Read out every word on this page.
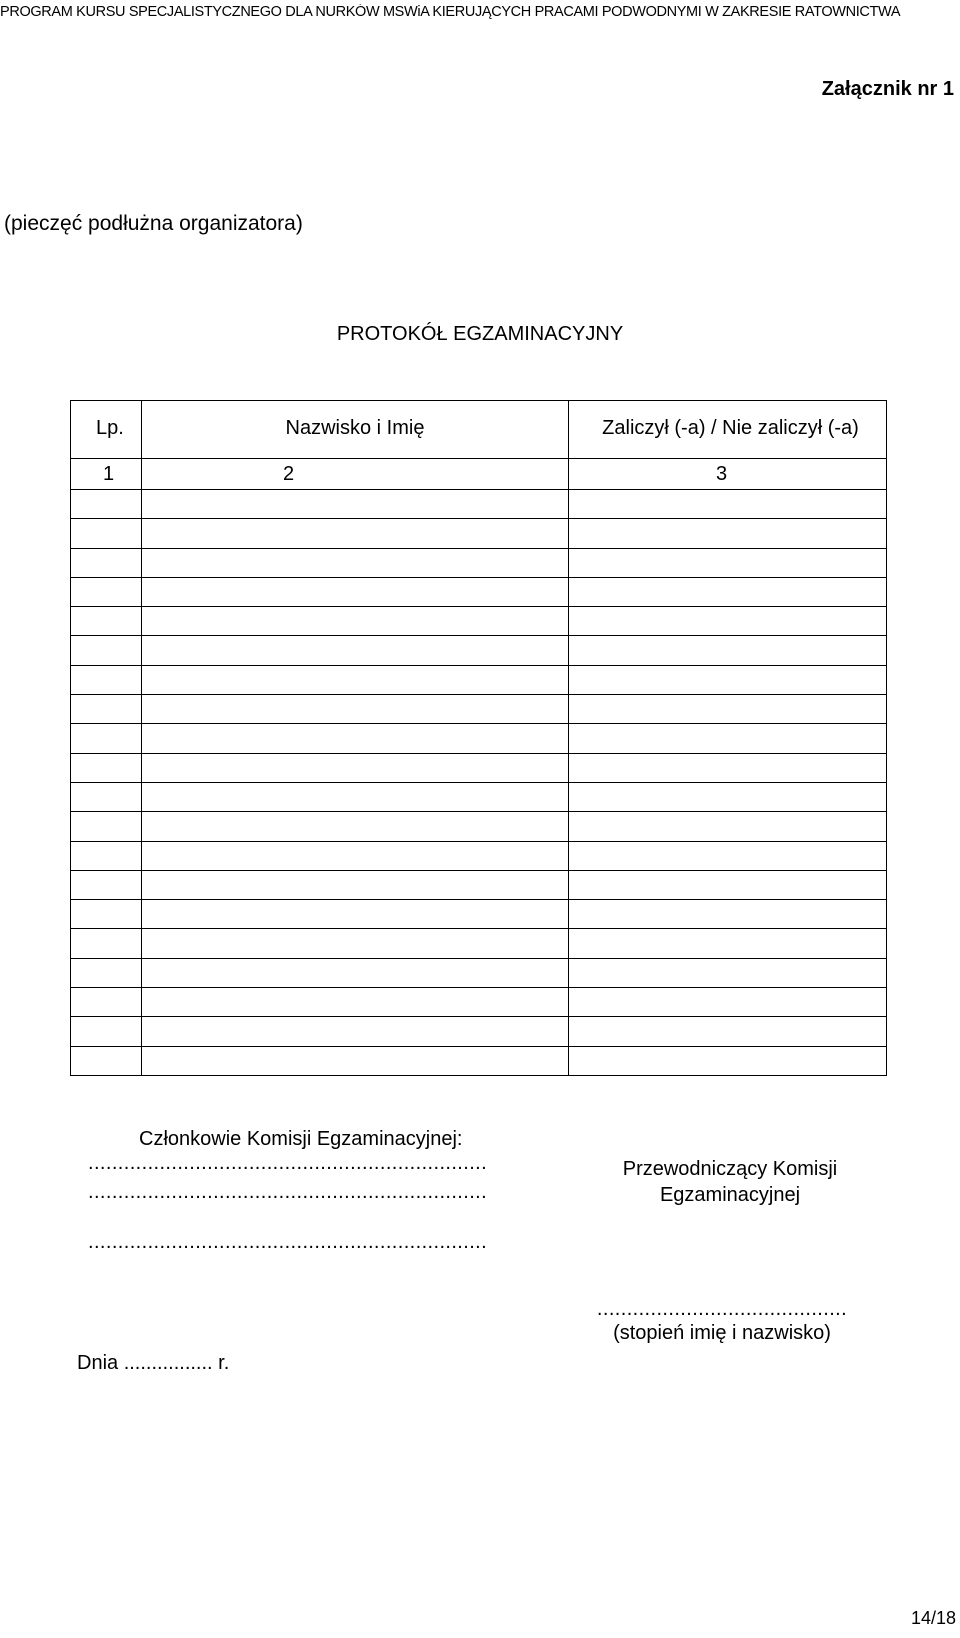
PROGRAM KURSU SPECJALISTYCZNEGO DLA NURKÓW MSWiA KIERUJĄCYCH PRACAMI PODWODNYMI W ZAKRESIE RATOWNICTWA
Załącznik nr 1
(pieczęć podłużna organizatora)
PROTOKÓŁ EGZAMINACYJNY
Lp.	Nazwisko i Imię	Zaliczył (-a) / Nie zaliczył (-a)
1	2	3

Członkowie Komisji Egzaminacyjnej:
...................................................................
...................................................................
...................................................................
Przewodniczący Komisji
Egzaminacyjnej
..........................................
(stopień imię i nazwisko)
Dnia ................ r.
14/18
